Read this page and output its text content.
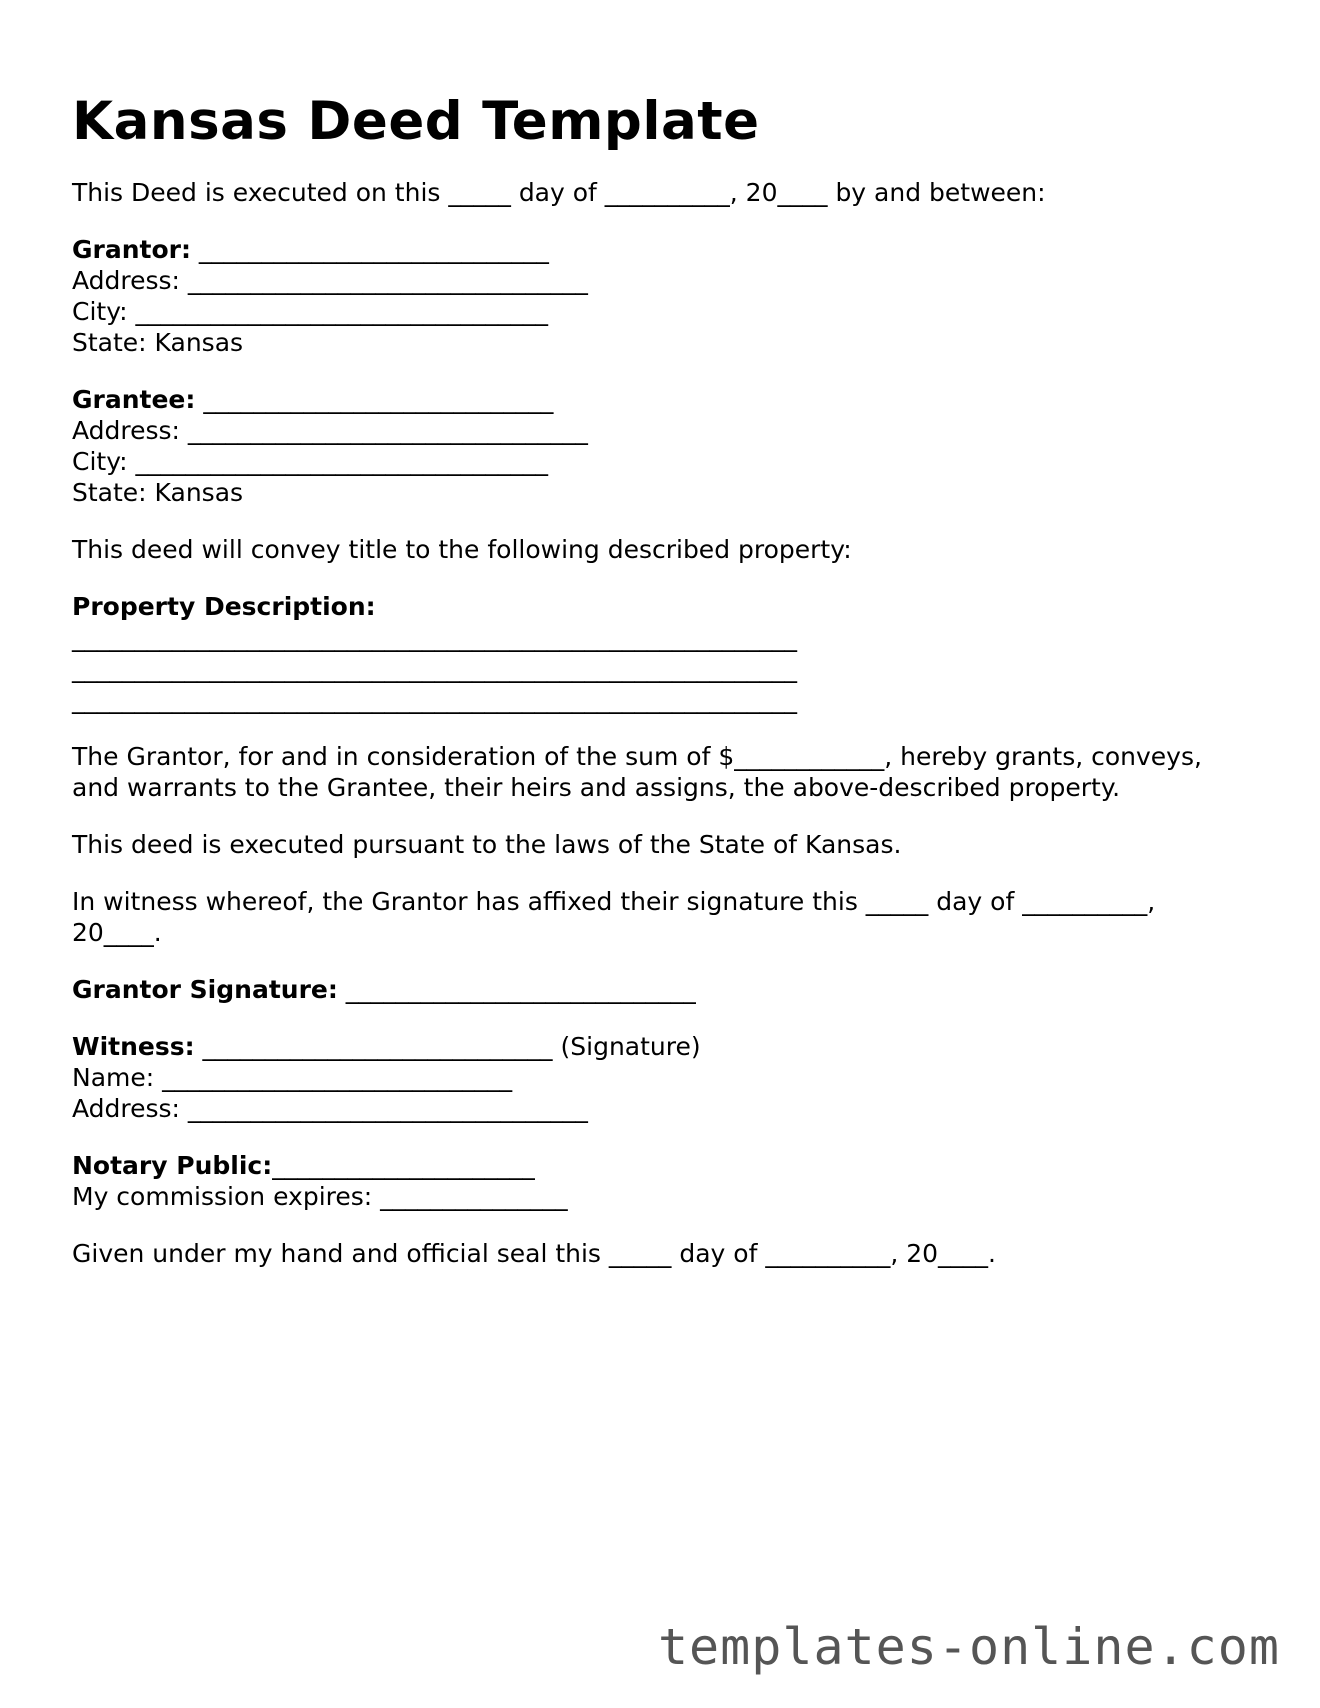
Kansas Deed Template

This Deed is executed on this _____ day of __________, 20____ by and between:

Grantor: ____________________________
Address: ________________________________
City: _________________________________
State: Kansas
Grantee: ____________________________
Address: ________________________________
City: _________________________________
State: Kansas

This deed will convey title to the following described property:

Property Description:
__________________________________________________________
__________________________________________________________
__________________________________________________________

The Grantor, for and in consideration of the sum of $____________, hereby grants, conveys, and warrants to the Grantee, their heirs and assigns, the above-described property.

This deed is executed pursuant to the laws of the State of Kansas.

In witness whereof, the Grantor has affixed their signature this _____ day of __________, 20____.

Grantor Signature: ____________________________
Witness: ____________________________ (Signature)
Name: ____________________________
Address: ________________________________
Notary Public:_____________________
My commission expires: _______________

Given under my hand and official seal this _____ day of __________, 20____.

templates-online.com
